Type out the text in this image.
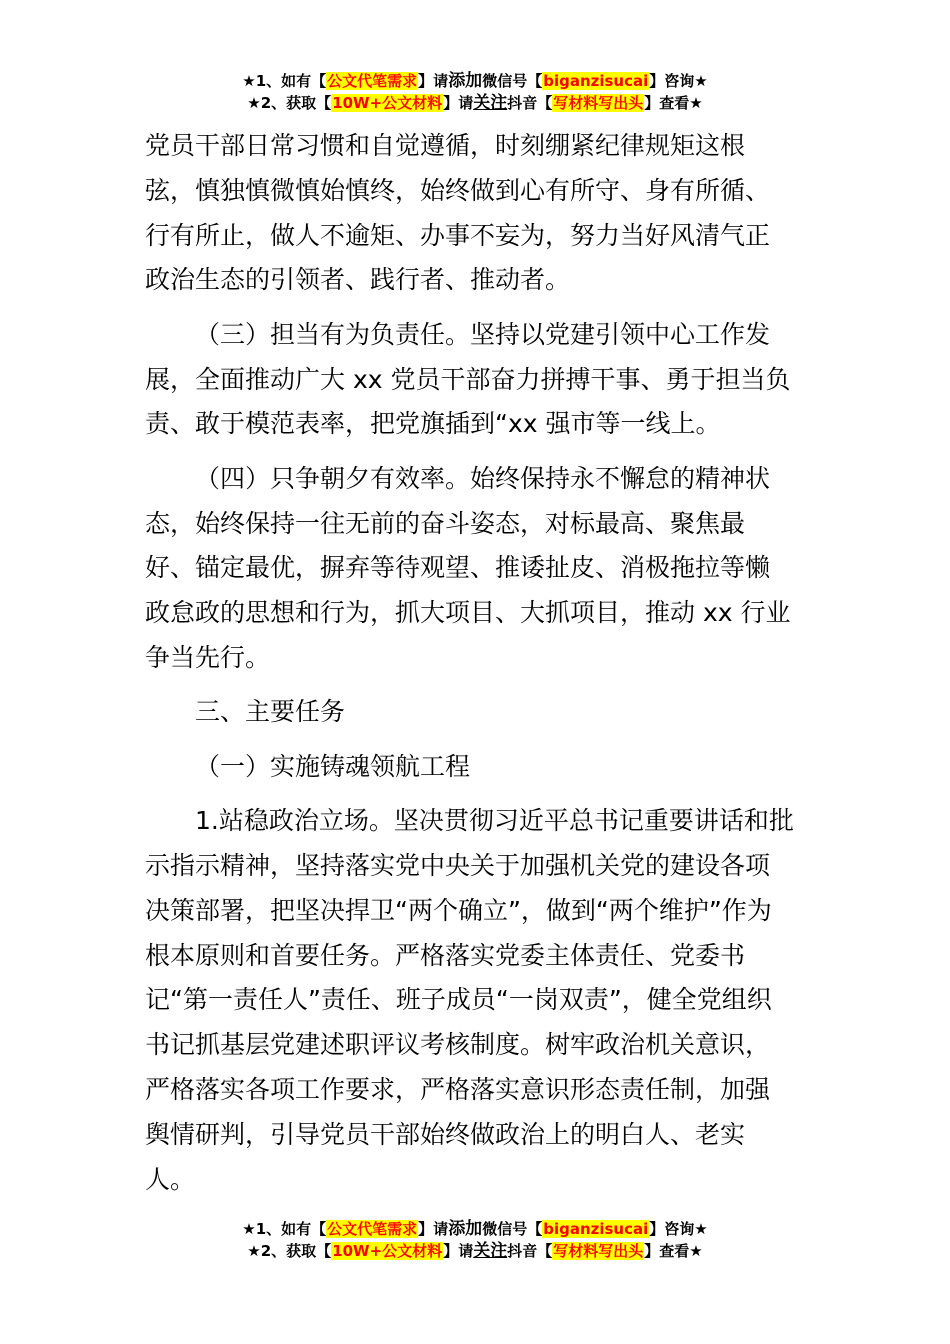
★1、如有【公文代笔需求】请添加微信号【biganzisucai】咨询★
★2、获取【10W+公文材料】请关注抖音【写材料写出头】查看★

党员干部日常习惯和自觉遵循，时刻绷紧纪律规矩这根
弦，慎独慎微慎始慎终，始终做到心有所守、身有所循、
行有所止，做人不逾矩、办事不妄为，努力当好风清气正
政治生态的引领者、践行者、推动者。

（三）担当有为负责任。坚持以党建引领中心工作发
展，全面推动广大 xx 党员干部奋力拼搏干事、勇于担当负
责、敢于模范表率，把党旗插到“xx 强市等一线上。

（四）只争朝夕有效率。始终保持永不懈怠的精神状
态，始终保持一往无前的奋斗姿态，对标最高、聚焦最
好、锚定最优，摒弃等待观望、推诿扯皮、消极拖拉等懒
政怠政的思想和行为，抓大项目、大抓项目，推动 xx 行业
争当先行。

三、主要任务

（一）实施铸魂领航工程

1.站稳政治立场。坚决贯彻习近平总书记重要讲话和批
示指示精神，坚持落实党中央关于加强机关党的建设各项
决策部署，把坚决捍卫“两个确立”，做到“两个维护”作为
根本原则和首要任务。严格落实党委主体责任、党委书
记“第一责任人”责任、班子成员“一岗双责”，健全党组织
书记抓基层党建述职评议考核制度。树牢政治机关意识，
严格落实各项工作要求，严格落实意识形态责任制，加强
舆情研判，引导党员干部始终做政治上的明白人、老实
人。

★1、如有【公文代笔需求】请添加微信号【biganzisucai】咨询★
★2、获取【10W+公文材料】请关注抖音【写材料写出头】查看★
